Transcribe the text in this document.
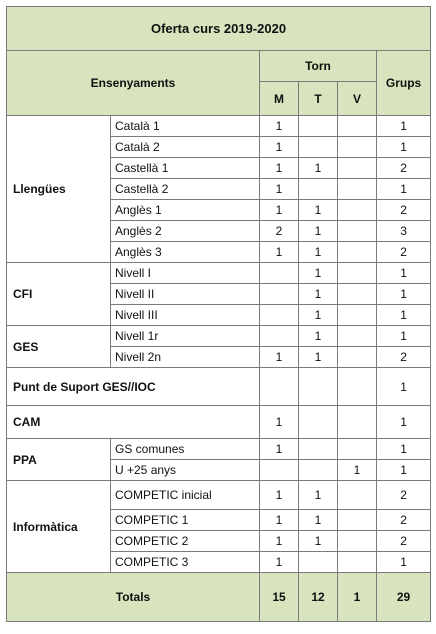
Oferta curs 2019-2020					
Ensenyaments		Torn			Grups
		M	T	V	
Llengües	Català 1	1			1
	Català 2	1			1
	Castellà 1	1	1		2
	Castellà 2	1			1
	Anglès 1	1	1		2
	Anglès 2	2	1		3
	Anglès 3	1	1		2
CFI	Nivell I		1		1
	Nivell II		1		1
	Nivell III		1		1
GES	Nivell 1r		1		1
	Nivell 2n	1	1		2
Punt de Suport GES//IOC					1
CAM		1			1
PPA	GS comunes	1			1
	U +25 anys			1	1
Informàtica	COMPETIC inicial	1	1		2
	COMPETIC 1	1	1		2
	COMPETIC 2	1	1		2
	COMPETIC 3	1			1
Totals		15	12	1	29
